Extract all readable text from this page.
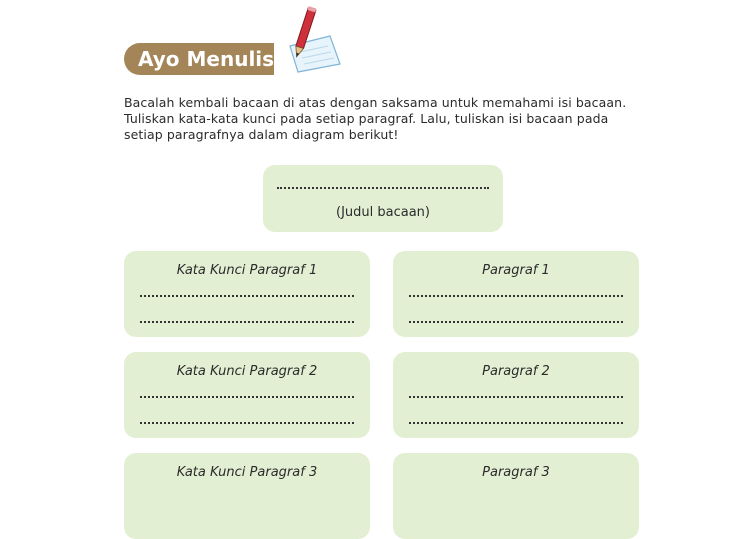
Ayo Menulis
Bacalah kembali bacaan di atas dengan saksama untuk memahami isi bacaan.
Tuliskan kata-kata kunci pada setiap paragraf. Lalu, tuliskan isi bacaan pada
setiap paragrafnya dalam diagram berikut!
(Judul bacaan)
Kata Kunci Paragraf 1	Paragraf 1
Kata Kunci Paragraf 2	Paragraf 2
Kata Kunci Paragraf 3	Paragraf 3
